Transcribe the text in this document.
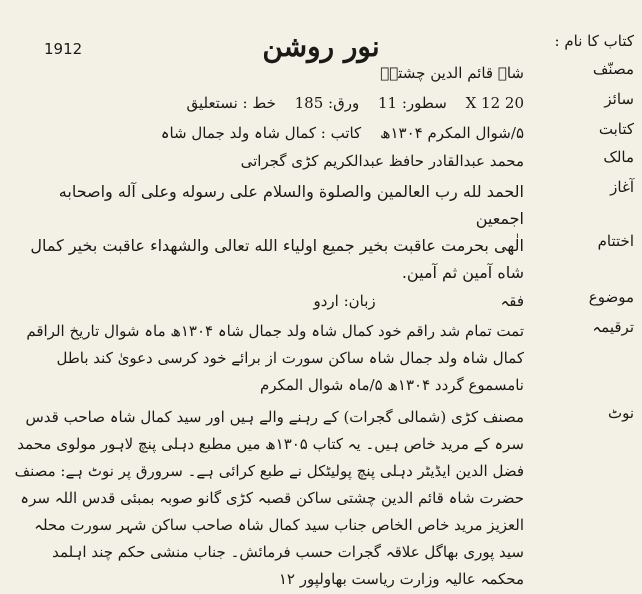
نور روشن
1912	کتاب کا نام :
مصنّف
شاہ قائم الدین چشتیؒ
سائز
20 X 12 سطور: 11 ورق: 185 خط : نستعلیق
کتابت
۵/شوال المکرم ۱۳۰۴ھ کاتب : کمال شاہ ولد جمال شاہ
مالک
محمد عبدالقادر حافظ عبدالکریم کڑی گجراتی
آغاز
الحمد لله رب العالمين والصلوة والسلام على رسوله وعلى آله واصحابه اجمعين
اختتام
الٰهى بحرمت عاقبت بخير جميع اولياء الله تعالى والشهداء عاقبت بخير كمال شاه آمين ثم آمين.
موضوع
فقہ زبان: اردو
ترقیمہ
تمت تمام شد راقم خود کمال شاہ ولد جمال شاہ ۱۳۰۴ھ ماہ شوال تاریخ الراقم کمال شاہ ولد جمال شاہ ساکن سورت از برائے خود کرسی دعویٰ کند باطل نامسموع گردد ۱۳۰۴ھ ۵/ماہ شوال المکرم
نوٹ
مصنف کڑی (شمالی گجرات) کے رہنے والے ہیں اور سید کمال شاہ صاحب قدس سرہ کے مرید خاص ہیں۔ یہ کتاب ۱۳۰۵ھ میں مطبع دہلی پنچ لاہور مولوی محمد فضل الدین ایڈیٹر دہلی پنچ پولیٹکل نے طبع کرائی ہے۔ سرورق پر نوٹ ہے: مصنف حضرت شاہ قائم الدین چشتی ساکن قصبہ کڑی گانو صوبہ بمبئی قدس اللہ سرہ العزیز مرید خاص الخاص جناب سید کمال شاہ صاحب ساکن شہر سورت محلہ سید پوری بھاگل علاقہ گجرات حسب فرمائش۔ جناب منشی حکم چند اہلمد محکمہ عالیہ وزارت ریاست بھاولپور ۱۲
